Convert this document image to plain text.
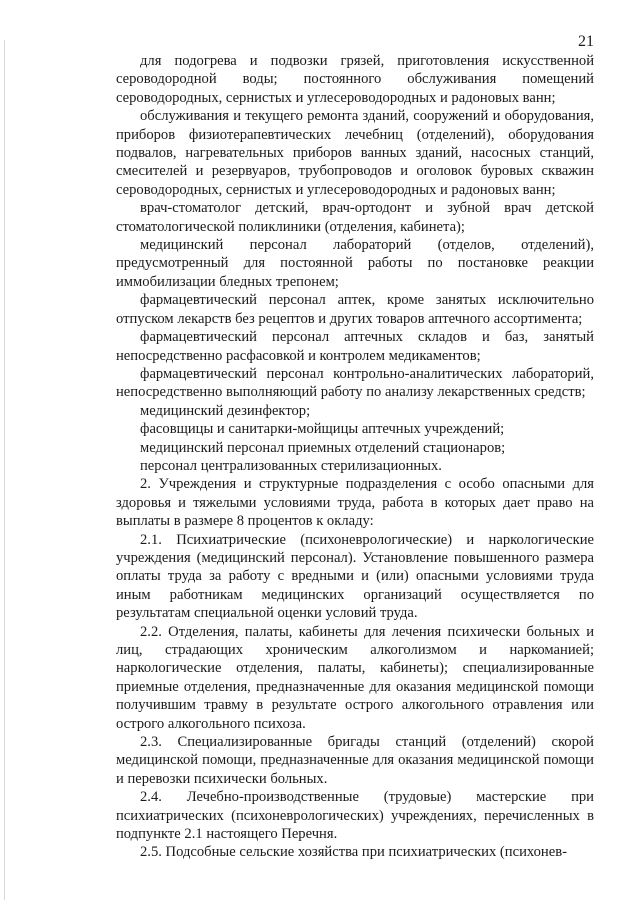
21

для подогрева и подвозки грязей, приготовления искусственной сероводородной воды; постоянного обслуживания помещений сероводородных, сернистых и углесероводородных и радоновых ванн;

обслуживания и текущего ремонта зданий, сооружений и оборудования, приборов физиотерапевтических лечебниц (отделений), оборудования подвалов, нагревательных приборов ванных зданий, насосных станций, смесителей и резервуаров, трубопроводов и оголовок буровых скважин сероводородных, сернистых и углесероводородных и радоновых ванн;

врач-стоматолог детский, врач-ортодонт и зубной врач детской стоматологической поликлиники (отделения, кабинета);

медицинский персонал лабораторий (отделов, отделений), предусмотренный для постоянной работы по постановке реакции иммобилизации бледных трепонем;

фармацевтический персонал аптек, кроме занятых исключительно отпуском лекарств без рецептов и других товаров аптечного ассортимента;

фармацевтический персонал аптечных складов и баз, занятый непосредственно расфасовкой и контролем медикаментов;

фармацевтический персонал контрольно-аналитических лабораторий, непосредственно выполняющий работу по анализу лекарственных средств;

медицинский дезинфектор;

фасовщицы и санитарки-мойщицы аптечных учреждений;

медицинский персонал приемных отделений стационаров;

персонал централизованных стерилизационных.

2. Учреждения и структурные подразделения с особо опасными для здоровья и тяжелыми условиями труда, работа в которых дает право на выплаты в размере 8 процентов к окладу:

2.1. Психиатрические (психоневрологические) и наркологические учреждения (медицинский персонал). Установление повышенного размера оплаты труда за работу с вредными и (или) опасными условиями труда иным работникам медицинских организаций осуществляется по результатам специальной оценки условий труда.

2.2. Отделения, палаты, кабинеты для лечения психически больных и лиц, страдающих хроническим алкоголизмом и наркоманией; наркологические отделения, палаты, кабинеты); специализированные приемные отделения, предназначенные для оказания медицинской помощи получившим травму в результате острого алкогольного отравления или острого алкогольного психоза.

2.3. Специализированные бригады станций (отделений) скорой медицинской помощи, предназначенные для оказания медицинской помощи и перевозки психически больных.

2.4. Лечебно-производственные (трудовые) мастерские при психиатрических (психоневрологических) учреждениях, перечисленных в подпункте 2.1 настоящего Перечня.

2.5. Подсобные сельские хозяйства при психиатрических (психонев-
